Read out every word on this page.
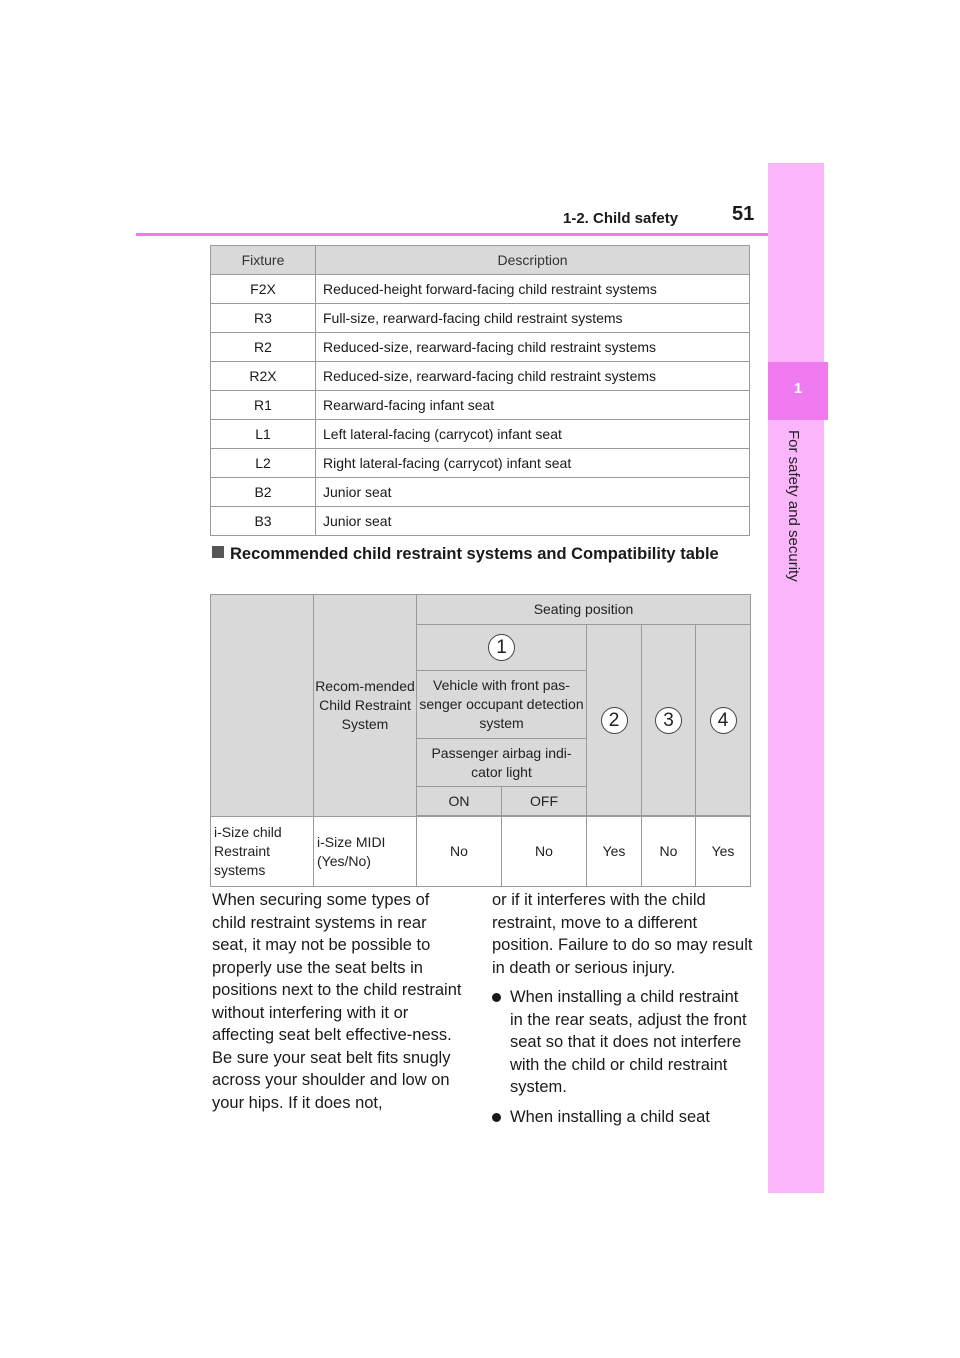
1-2. Child safety	51
1
For safety and security
Fixture	Description
F2X	Reduced-height forward-facing child restraint systems
R3	Full-size, rearward-facing child restraint systems
R2	Reduced-size, rearward-facing child restraint systems
R2X	Reduced-size, rearward-facing child restraint systems
R1	Rearward-facing infant seat
L1	Left lateral-facing (carrycot) infant seat
L2	Right lateral-facing (carrycot) infant seat
B2	Junior seat
B3	Junior seat
Recommended child restraint systems and Compatibility table
	Recom-mended Child Restraint System	Seating position				
		1		2	3	4
		Vehicle with front pas-senger occupant detection system				
		Passenger airbag indi-cator light				
		ON	OFF			

i-Size child Restraint systems	i-Size MIDI (Yes/No)	No	No	Yes	No	Yes
When securing some types of child restraint systems in rear seat, it may not be possible to properly use the seat belts in positions next to the child restraint without interfering with it or affecting seat belt effective-ness. Be sure your seat belt fits snugly across your shoulder and low on your hips. If it does not,
or if it interferes with the child restraint, move to a different position. Failure to do so may result in death or serious injury.
When installing a child restraint in the rear seats, adjust the front seat so that it does not interfere with the child or child restraint system.
When installing a child seat
